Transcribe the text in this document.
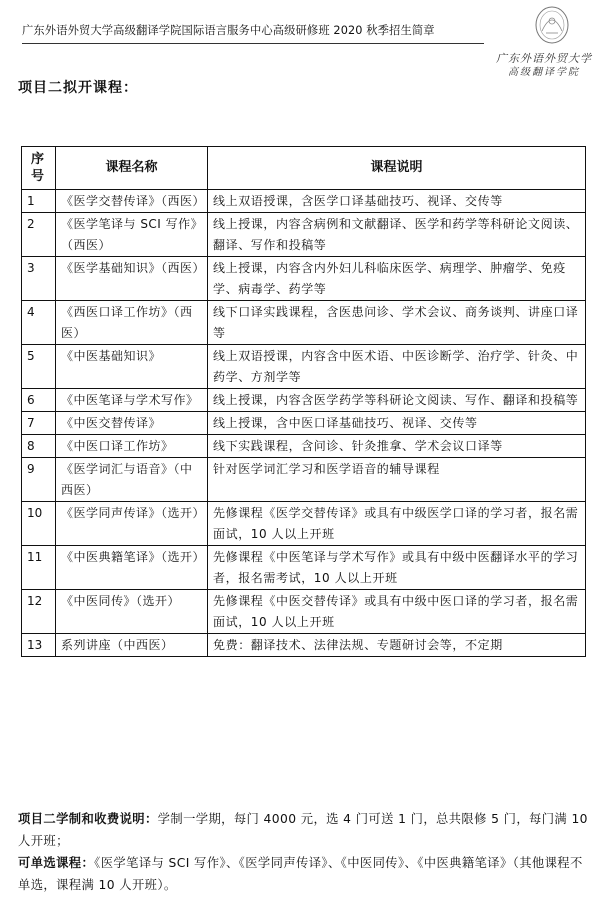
广东外语外贸大学高级翻译学院国际语言服务中心高级研修班 2020 秋季招生简章
广东外语外贸大学
高级翻译学院
项目二拟开课程：
序号	课程名称	课程说明
1	《医学交替传译》（西医）	线上双语授课，含医学口译基础技巧、视译、交传等
2	《医学笔译与 SCI 写作》（西医）	线上授课，内容含病例和文献翻译、医学和药学等科研论文阅读、翻译、写作和投稿等
3	《医学基础知识》（西医）	线上授课，内容含内外妇儿科临床医学、病理学、肿瘤学、免疫学、病毒学、药学等
4	《西医口译工作坊》（西医）	线下口译实践课程，含医患问诊、学术会议、商务谈判、讲座口译等
5	《中医基础知识》	线上双语授课，内容含中医术语、中医诊断学、治疗学、针灸、中药学、方剂学等
6	《中医笔译与学术写作》	线上授课，内容含医学药学等科研论文阅读、写作、翻译和投稿等
7	《中医交替传译》	线上授课，含中医口译基础技巧、视译、交传等
8	《中医口译工作坊》	线下实践课程，含问诊、针灸推拿、学术会议口译等
9	《医学词汇与语音》（中西医）	针对医学词汇学习和医学语音的辅导课程
10	《医学同声传译》（选开）	先修课程《医学交替传译》或具有中级医学口译的学习者，报名需面试，10 人以上开班
11	《中医典籍笔译》（选开）	先修课程《中医笔译与学术写作》或具有中级中医翻译水平的学习者，报名需考试，10 人以上开班
12	《中医同传》（选开）	先修课程《中医交替传译》或具有中级中医口译的学习者，报名需面试，10 人以上开班
13	系列讲座（中西医）	免费：翻译技术、法律法规、专题研讨会等，不定期

项目二学制和收费说明：学制一学期，每门 4000 元，选 4 门可送 1 门，总共限修 5 门，每门满 10 人开班；

可单选课程：《医学笔译与 SCI 写作》、《医学同声传译》、《中医同传》、《中医典籍笔译》（其他课程不单选，课程满 10 人开班）。
